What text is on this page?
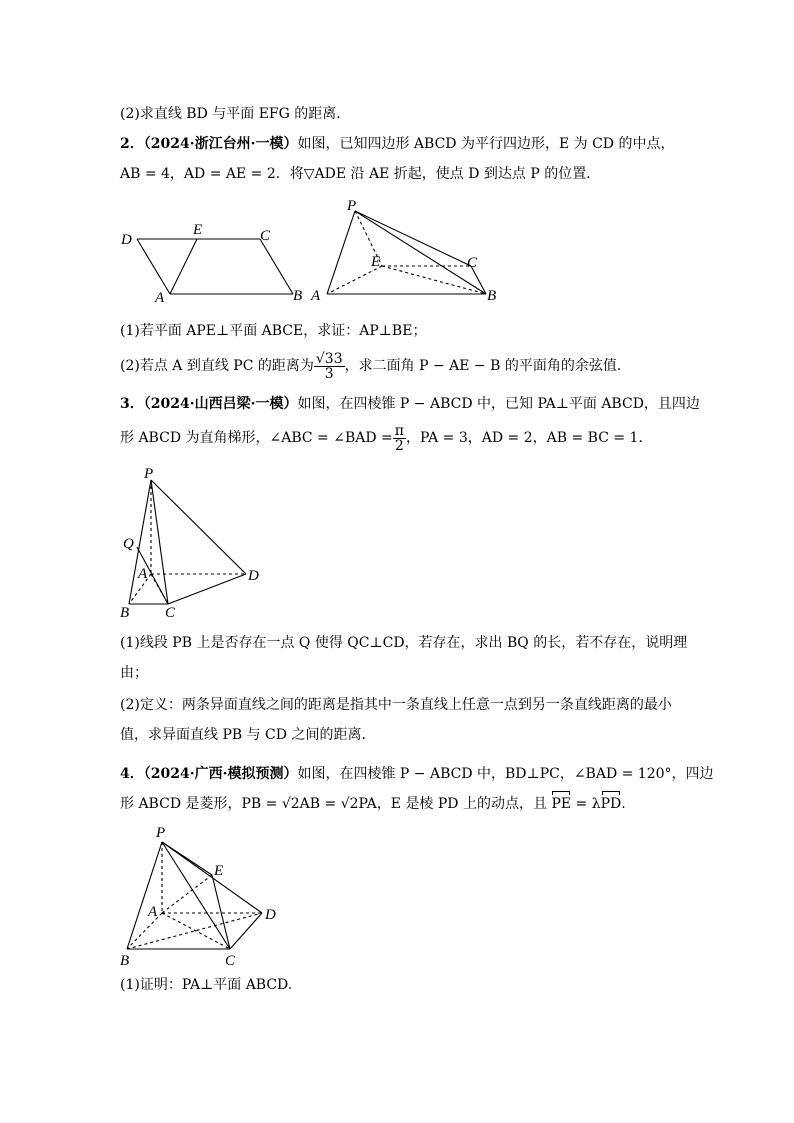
(2)求直线 BD 与平面 EFG 的距离.
2．（2024·浙江台州·一模）如图，已知四边形 ABCD 为平行四边形，E 为 CD 的中点，
AB = 4，AD = AE = 2．将▽ADE 沿 AE 折起，使点 D 到达点 P 的位置．
D
E	C
A	B
P
E	C
A	B
(1)若平面 APE⊥平面 ABCE，求证：AP⊥BE；
(2)若点 A 到直线 PC 的距离为 $\frac{√33}{3}$ ，求二面角 P − AE − B 的平面角的余弦值．
3．（2024·山西吕梁·一模）如图，在四棱锥 P − ABCD 中，已知 PA⊥平面 ABCD，且四边
形 ABCD 为直角梯形，∠ABC = ∠BAD = $\frac{\pi}{2}$ ，PA = 3，AD = 2，AB = BC = 1．
P
Q
A	D
B C
(1)线段 PB 上是否存在一点 Q 使得 QC⊥CD，若存在，求出 BQ 的长，若不存在，说明理
由；
(2)定义：两条异面直线之间的距离是指其中一条直线上任意一点到另一条直线距离的最小
值，求异面直线 PB 与 CD 之间的距离．
4．（2024·广西·模拟预测）如图，在四棱锥 P − ABCD 中，BD⊥PC，∠BAD = 120°，四边
形 ABCD 是菱形，PB = √2AB = √2PA，E 是棱 PD 上的动点，且 PE = λPD.
P
E
A	D
B	C
(1)证明：PA⊥平面 ABCD.
